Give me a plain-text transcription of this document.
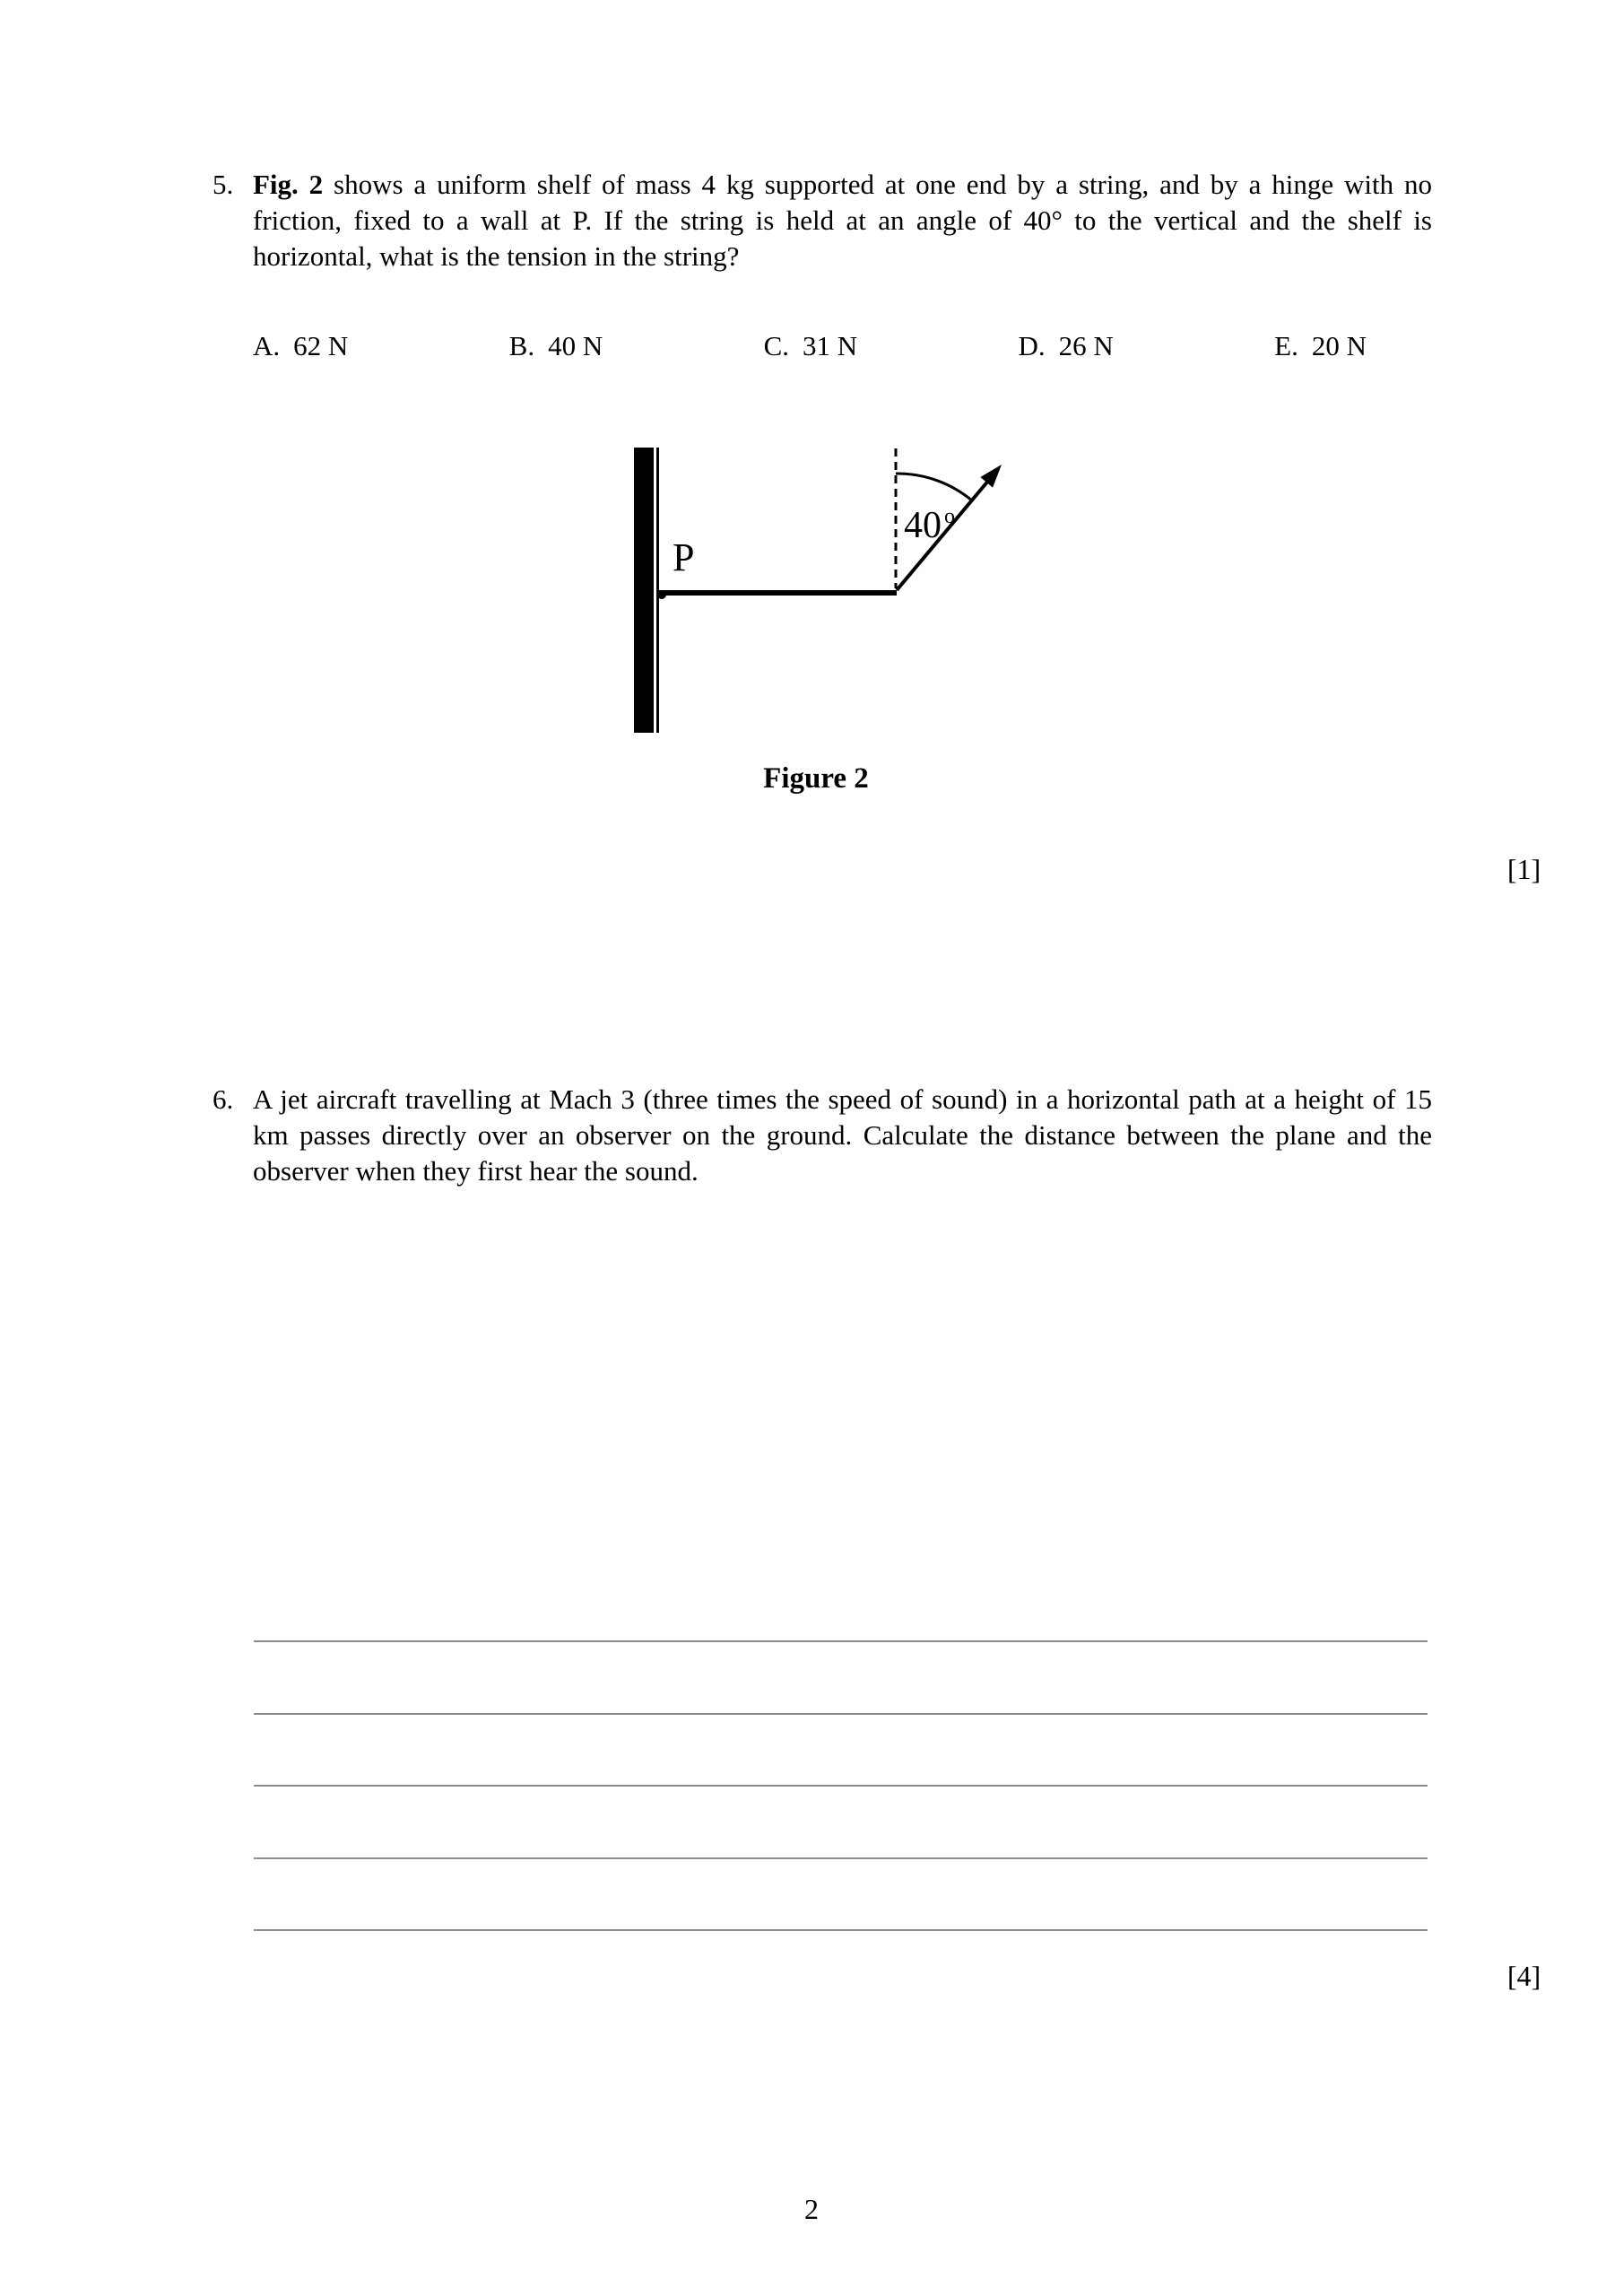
5. Fig. 2 shows a uniform shelf of mass 4 kg supported at one end by a string, and by a hinge with no friction, fixed to a wall at P. If the string is held at an angle of 40° to the vertical and the shelf is horizontal, what is the tension in the string?

A. 62 N	B. 40 N	C. 31 N	D. 26 N	E. 20 N
P
40 o
Figure 2
[1]
6. A jet aircraft travelling at Mach 3 (three times the speed of sound) in a horizontal path at a height of 15 km passes directly over an observer on the ground. Calculate the distance between the plane and the observer when they first hear the sound.

[4]
2
